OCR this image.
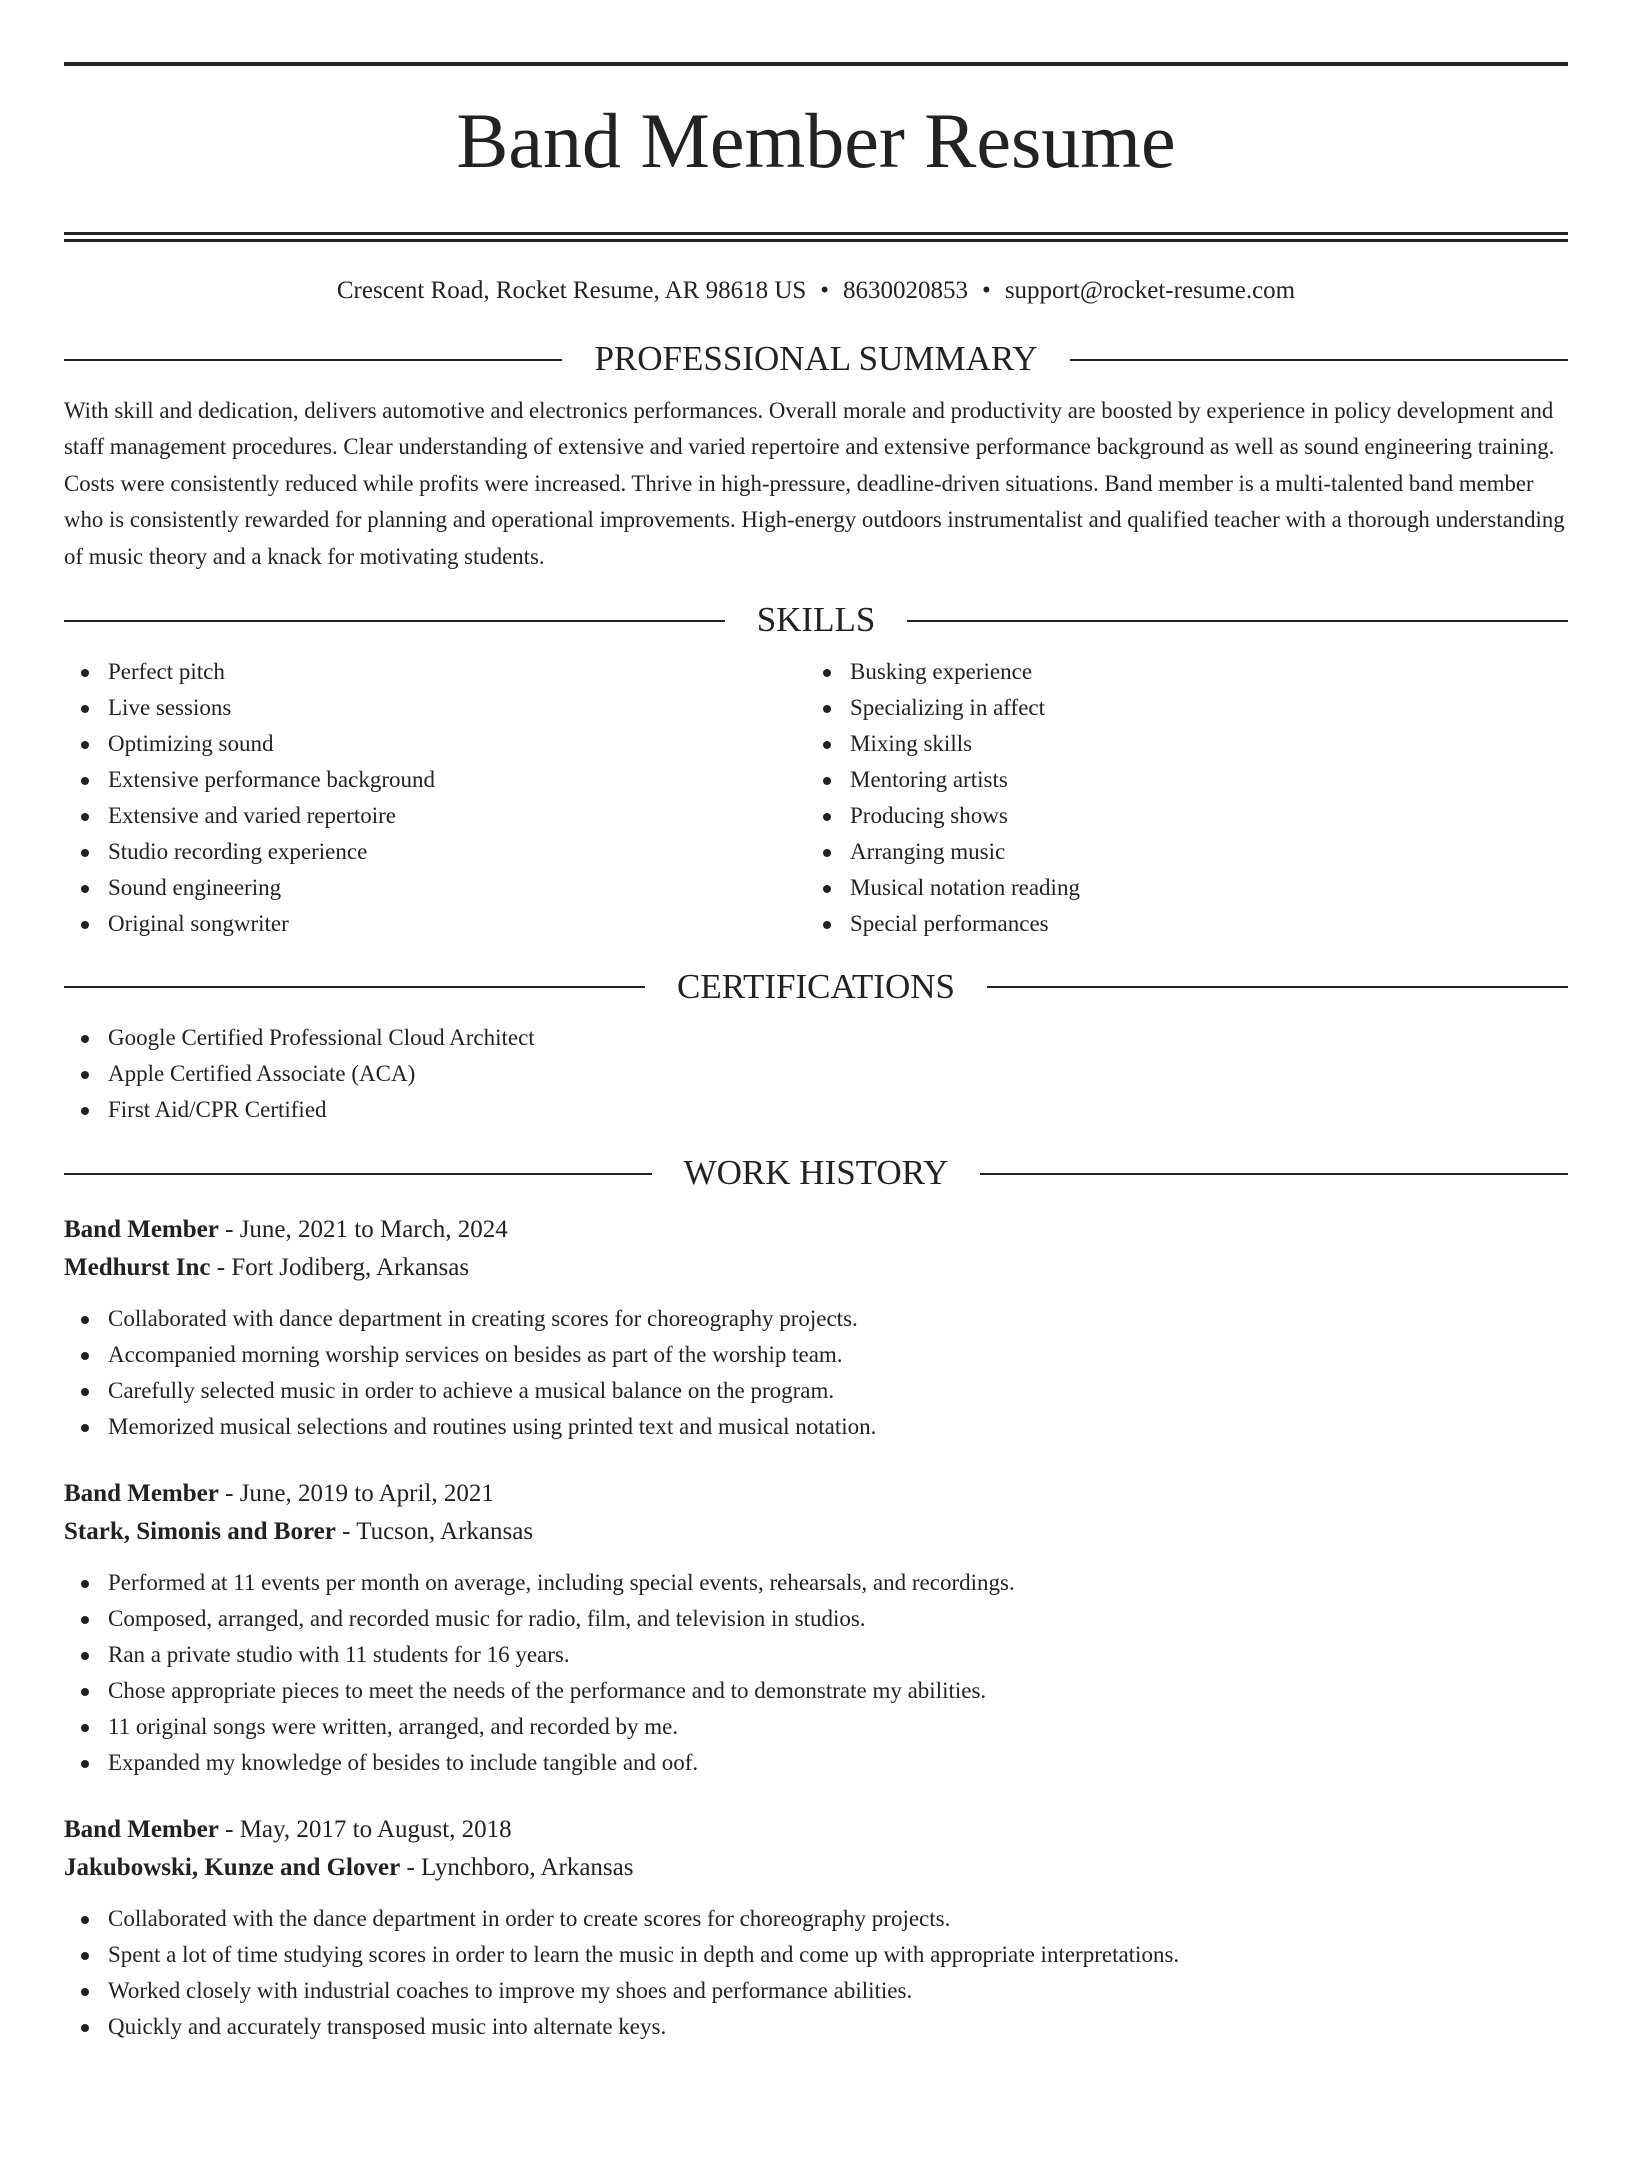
Band Member Resume
Crescent Road, Rocket Resume, AR 98618 US • 8630020853 • support@rocket-resume.com
PROFESSIONAL SUMMARY

With skill and dedication, delivers automotive and electronics performances. Overall morale and productivity are boosted by experience in policy development and staff management procedures. Clear understanding of extensive and varied repertoire and extensive performance background as well as sound engineering training. Costs were consistently reduced while profits were increased. Thrive in high-pressure, deadline-driven situations. Band member is a multi-talented band member who is consistently rewarded for planning and operational improvements. High-energy outdoors instrumentalist and qualified teacher with a thorough understanding of music theory and a knack for motivating students.

SKILLS
Perfect pitch
Live sessions
Optimizing sound
Extensive performance background
Extensive and varied repertoire
Studio recording experience
Sound engineering
Original songwriter
Busking experience
Specializing in affect
Mixing skills
Mentoring artists
Producing shows
Arranging music
Musical notation reading
Special performances
CERTIFICATIONS
Google Certified Professional Cloud Architect
Apple Certified Associate (ACA)
First Aid/CPR Certified
WORK HISTORY
Band Member - June, 2021 to March, 2024
Medhurst Inc - Fort Jodiberg, Arkansas
Collaborated with dance department in creating scores for choreography projects.
Accompanied morning worship services on besides as part of the worship team.
Carefully selected music in order to achieve a musical balance on the program.
Memorized musical selections and routines using printed text and musical notation.
Band Member - June, 2019 to April, 2021
Stark, Simonis and Borer - Tucson, Arkansas
Performed at 11 events per month on average, including special events, rehearsals, and recordings.
Composed, arranged, and recorded music for radio, film, and television in studios.
Ran a private studio with 11 students for 16 years.
Chose appropriate pieces to meet the needs of the performance and to demonstrate my abilities.
11 original songs were written, arranged, and recorded by me.
Expanded my knowledge of besides to include tangible and oof.
Band Member - May, 2017 to August, 2018
Jakubowski, Kunze and Glover - Lynchboro, Arkansas
Collaborated with the dance department in order to create scores for choreography projects.
Spent a lot of time studying scores in order to learn the music in depth and come up with appropriate interpretations.
Worked closely with industrial coaches to improve my shoes and performance abilities.
Quickly and accurately transposed music into alternate keys.
